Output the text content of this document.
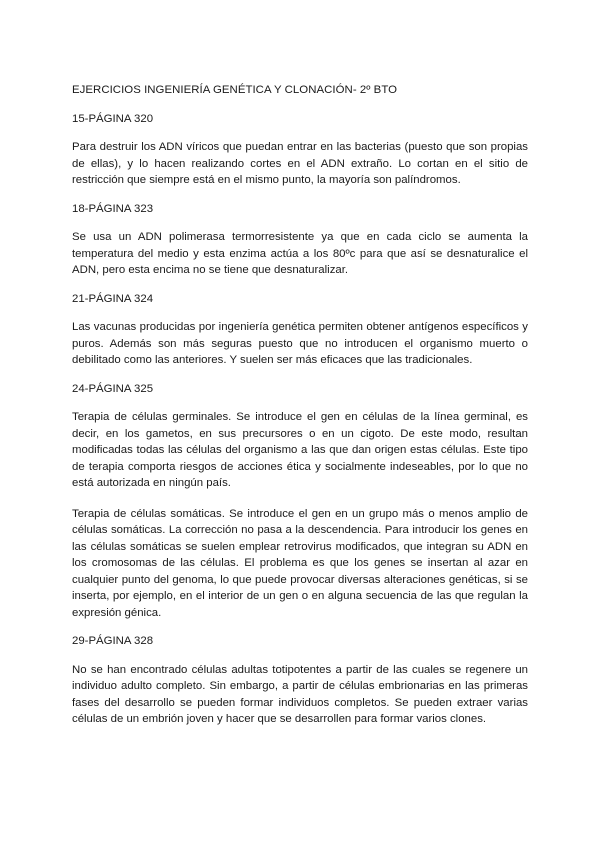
EJERCICIOS INGENIERÍA GENÉTICA Y CLONACIÓN- 2º BTO

15-PÁGINA 320

Para destruir los ADN víricos que puedan entrar en las bacterias (puesto que son propias de ellas), y lo hacen realizando cortes en el ADN extraño. Lo cortan en el sitio de restricción que siempre está en el mismo punto, la mayoría son palíndromos.

18-PÁGINA 323

Se usa un ADN polimerasa termorresistente ya que en cada ciclo se aumenta la temperatura del medio y esta enzima actúa a los 80ºc para que así se desnaturalice el ADN, pero esta encima no se tiene que desnaturalizar.

21-PÁGINA 324

Las vacunas producidas por ingeniería genética permiten obtener antígenos específicos y puros. Además son más seguras puesto que no introducen el organismo muerto o debilitado como las anteriores. Y suelen ser más eficaces que las tradicionales.

24-PÁGINA 325

Terapia de células germinales. Se introduce el gen en células de la línea germinal, es decir, en los gametos, en sus precursores o en un cigoto. De este modo, resultan modificadas todas las células del organismo a las que dan origen estas células. Este tipo de terapia comporta riesgos de acciones ética y socialmente indeseables, por lo que no está autorizada en ningún país.

Terapia de células somáticas. Se introduce el gen en un grupo más o menos amplio de células somáticas. La corrección no pasa a la descendencia. Para introducir los genes en las células somáticas se suelen emplear retrovirus modificados, que integran su ADN en los cromosomas de las células. El problema es que los genes se insertan al azar en cualquier punto del genoma, lo que puede provocar diversas alteraciones genéticas, si se inserta, por ejemplo, en el interior de un gen o en alguna secuencia de las que regulan la expresión génica.

29-PÁGINA 328

No se han encontrado células adultas totipotentes a partir de las cuales se regenere un individuo adulto completo. Sin embargo, a partir de células embrionarias en las primeras fases del desarrollo se pueden formar individuos completos. Se pueden extraer varias células de un embrión joven y hacer que se desarrollen para formar varios clones.
